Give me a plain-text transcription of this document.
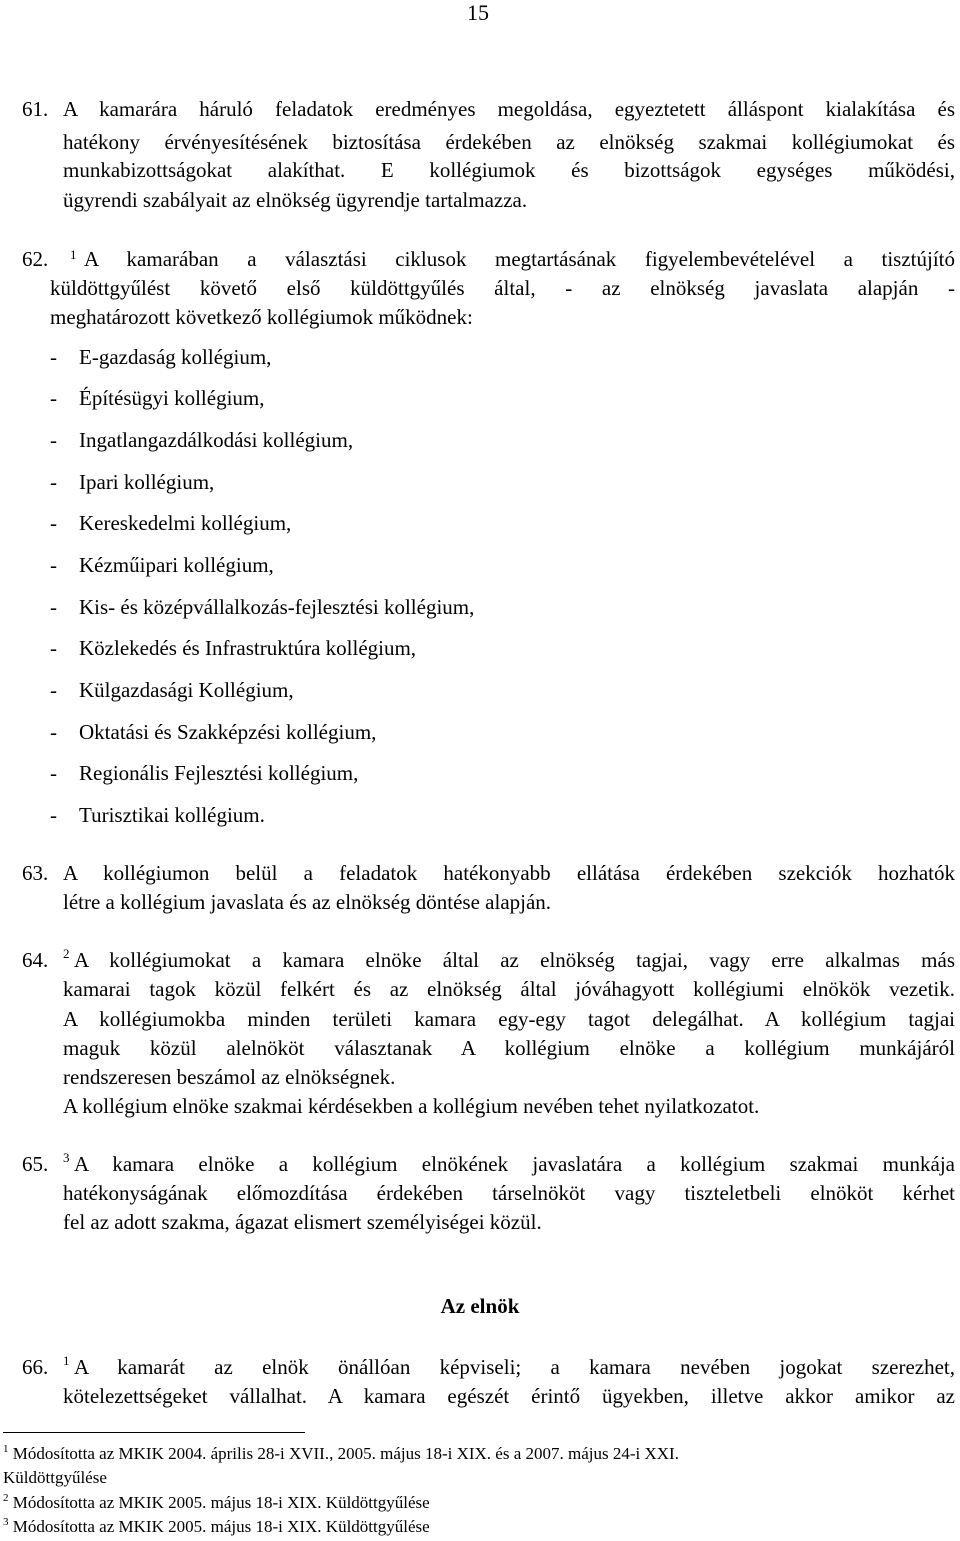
15
61. A kamarára háruló feladatok eredményes megoldása, egyeztetett álláspont kialakítása és
hatékony érvényesítésének biztosítása érdekében az elnökség szakmai kollégiumokat és
munkabizottságokat alakíthat. E kollégiumok és bizottságok egységes működési,
ügyrendi szabályait az elnökség ügyrendje tartalmazza.
62. 1 A kamarában a választási ciklusok megtartásának figyelembevételével a tisztújító
küldöttgyűlést követő első küldöttgyűlés által, - az elnökség javaslata alapján -
meghatározott következő kollégiumok működnek:
- E-gazdaság kollégium,
- Építésügyi kollégium,
- Ingatlangazdálkodási kollégium,
- Ipari kollégium,
- Kereskedelmi kollégium,
- Kézműipari kollégium,
- Kis- és középvállalkozás-fejlesztési kollégium,
- Közlekedés és Infrastruktúra kollégium,
- Külgazdasági Kollégium,
- Oktatási és Szakképzési kollégium,
- Regionális Fejlesztési kollégium,
- Turisztikai kollégium.
63. A kollégiumon belül a feladatok hatékonyabb ellátása érdekében szekciók hozhatók
létre a kollégium javaslata és az elnökség döntése alapján.
64. 2 A kollégiumokat a kamara elnöke által az elnökség tagjai, vagy erre alkalmas más
kamarai tagok közül felkért és az elnökség által jóváhagyott kollégiumi elnökök vezetik.
A kollégiumokba minden területi kamara egy-egy tagot delegálhat. A kollégium tagjai
maguk közül alelnököt választanak A kollégium elnöke a kollégium munkájáról
rendszeresen beszámol az elnökségnek.
A kollégium elnöke szakmai kérdésekben a kollégium nevében tehet nyilatkozatot.
65. 3 A kamara elnöke a kollégium elnökének javaslatára a kollégium szakmai munkája
hatékonyságának előmozdítása érdekében társelnököt vagy tiszteletbeli elnököt kérhet
fel az adott szakma, ágazat elismert személyiségei közül.
Az elnök
66. 1 A kamarát az elnök önállóan képviseli; a kamara nevében jogokat szerezhet,
kötelezettségeket vállalhat. A kamara egészét érintő ügyekben, illetve akkor amikor az
$^1$ Módosította az MKIK 2004. április 28-i XVII., 2005. május 18-i XIX. és a 2007. május 24-i XXI.
Küldöttgyűlése
$^2$ Módosította az MKIK 2005. május 18-i XIX. Küldöttgyűlése
$^3$ Módosította az MKIK 2005. május 18-i XIX. Küldöttgyűlése
